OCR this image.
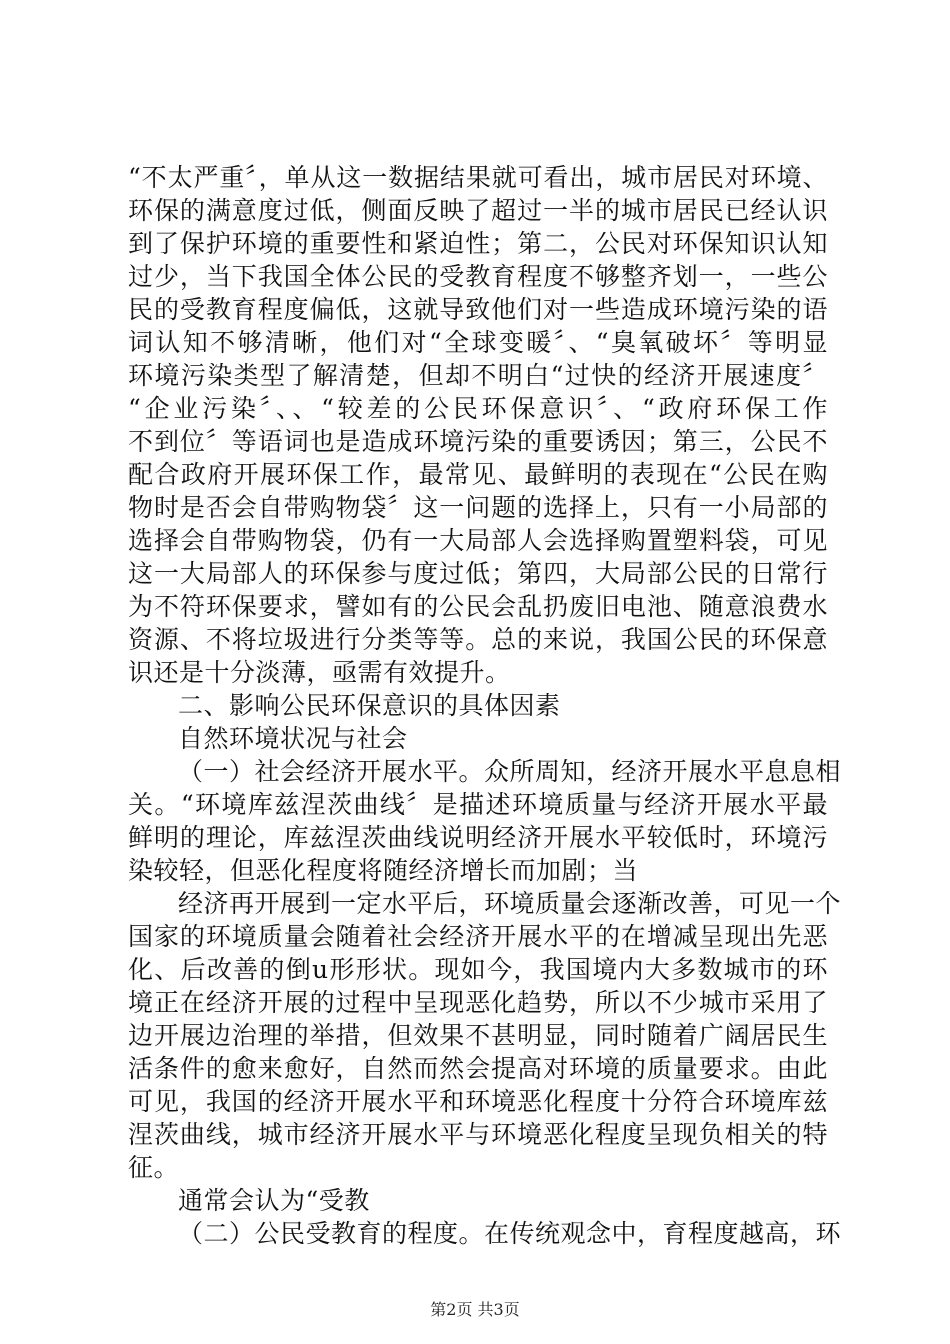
“不太严重〞，单从这一数据结果就可看出，城市居民对环境、
环保的满意度过低，侧面反映了超过一半的城市居民已经认识
到了保护环境的重要性和紧迫性；第二，公民对环保知识认知
过少，当下我国全体公民的受教育程度不够整齐划一，一些公
民的受教育程度偏低，这就导致他们对一些造成环境污染的语
词认知不够清晰，他们对“全球变暖〞、“臭氧破坏〞等明显
环境污染类型了解清楚，但却不明白“过快的经济开展速度〞
“企业污染〞、、“较差的公民环保意识〞、“政府环保工作
不到位〞等语词也是造成环境污染的重要诱因；第三，公民不
配合政府开展环保工作，最常见、最鲜明的表现在“公民在购
物时是否会自带购物袋〞这一问题的选择上，只有一小局部的
选择会自带购物袋，仍有一大局部人会选择购置塑料袋，可见
这一大局部人的环保参与度过低；第四，大局部公民的日常行
为不符环保要求，譬如有的公民会乱扔废旧电池、随意浪费水
资源、不将垃圾进行分类等等。总的来说，我国公民的环保意
识还是十分淡薄，亟需有效提升。
二、影响公民环保意识的具体因素
自然环境状况与社会
（一）社会经济开展水平。众所周知，经济开展水平息息相
关。“环境库兹涅茨曲线〞是描述环境质量与经济开展水平最
鲜明的理论，库兹涅茨曲线说明经济开展水平较低时，环境污
染较轻，但恶化程度将随经济增长而加剧；当
经济再开展到一定水平后，环境质量会逐渐改善，可见一个
国家的环境质量会随着社会经济开展水平的在增减呈现出先恶
化、后改善的倒u形形状。现如今，我国境内大多数城市的环
境正在经济开展的过程中呈现恶化趋势，所以不少城市采用了
边开展边治理的举措，但效果不甚明显，同时随着广阔居民生
活条件的愈来愈好，自然而然会提高对环境的质量要求。由此
可见，我国的经济开展水平和环境恶化程度十分符合环境库兹
涅茨曲线，城市经济开展水平与环境恶化程度呈现负相关的特
征。
通常会认为“受教
（二）公民受教育的程度。在传统观念中，育程度越高，环
第2页 共3页
